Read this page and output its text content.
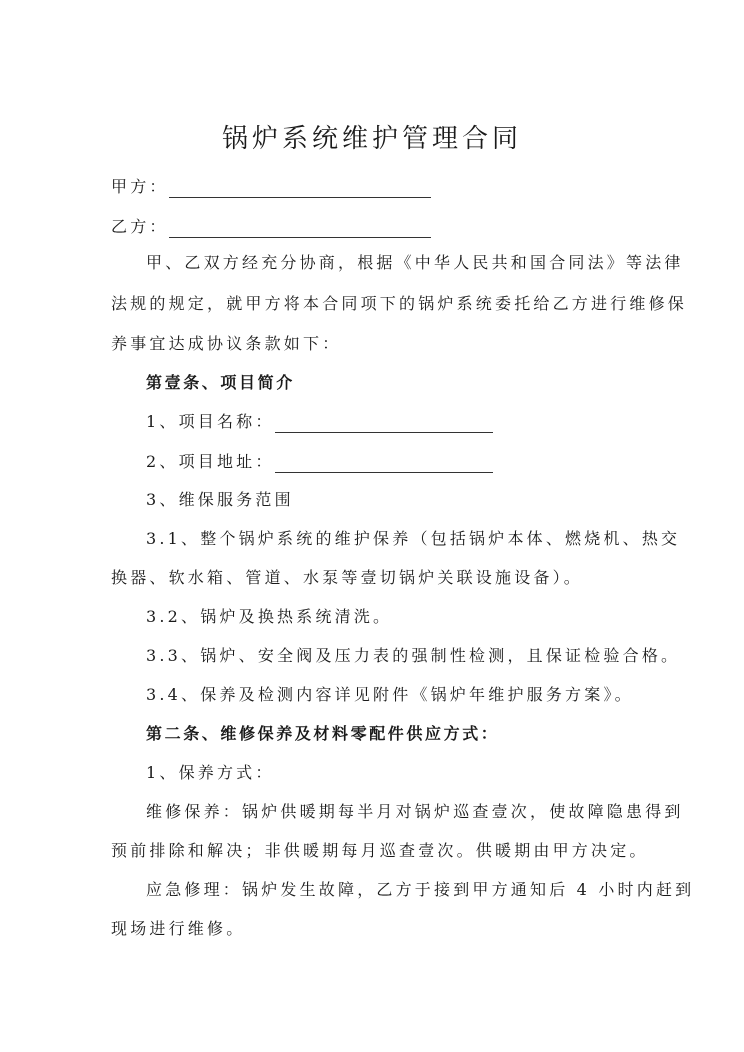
锅炉系统维护管理合同
甲方：
乙方：
甲、乙双方经充分协商，根据《中华人民共和国合同法》等法律
法规的规定，就甲方将本合同项下的锅炉系统委托给乙方进行维修保
养事宜达成协议条款如下：
第壹条、项目简介
1、项目名称：
2、项目地址：
3、维保服务范围
3.1、整个锅炉系统的维护保养（包括锅炉本体、燃烧机、热交
换器、软水箱、管道、水泵等壹切锅炉关联设施设备）。
3.2、锅炉及换热系统清洗。
3.3、锅炉、安全阀及压力表的强制性检测，且保证检验合格。
3.4、保养及检测内容详见附件《锅炉年维护服务方案》。
第二条、维修保养及材料零配件供应方式：
1、保养方式：
维修保养：锅炉供暖期每半月对锅炉巡查壹次，使故障隐患得到
预前排除和解决；非供暖期每月巡查壹次。供暖期由甲方决定。
应急修理：锅炉发生故障，乙方于接到甲方通知后 4 小时内赶到
现场进行维修。
